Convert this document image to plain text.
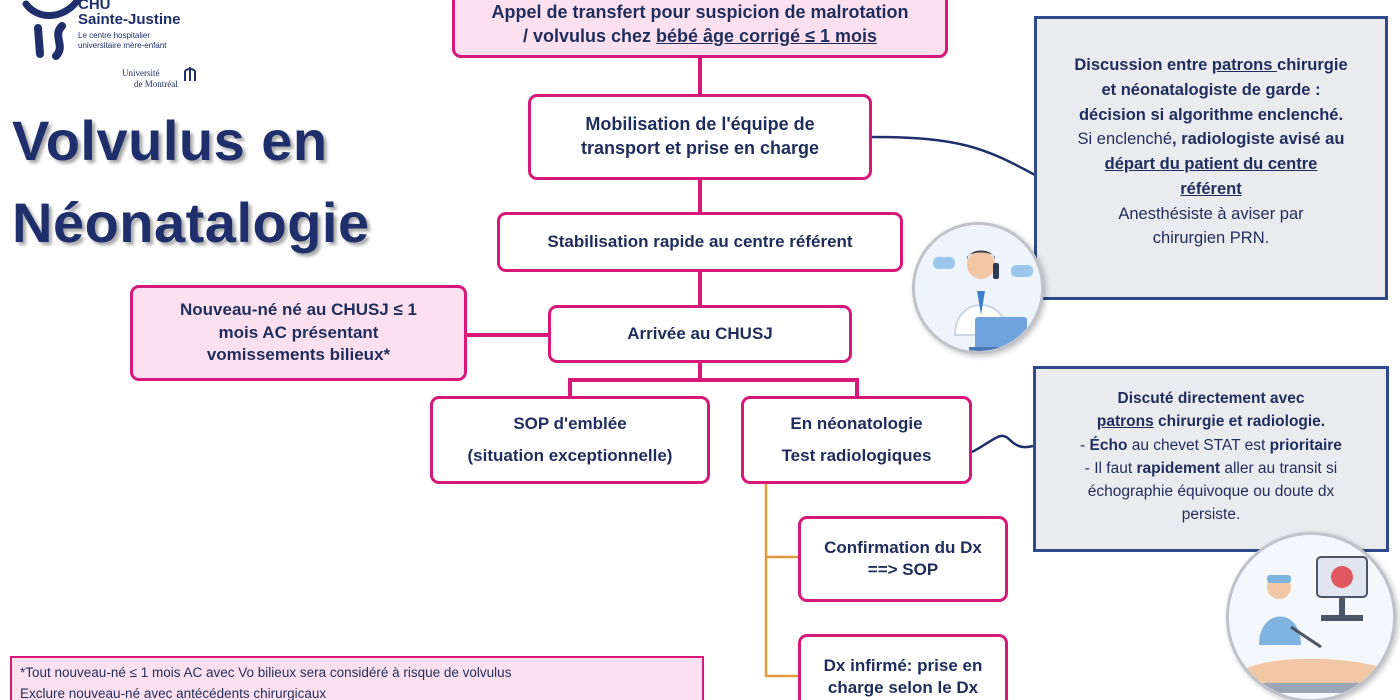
CHU
Sainte-Justine
Le centre hospitalier
universitaire mère-enfant
Université
de Montréal
Volvulus en
Néonatalogie
Appel de transfert pour suspicion de malrotation
/ volvulus chez bébé âge corrigé ≤ 1 mois
Mobilisation de l'équipe de
transport et prise en charge
Stabilisation rapide au centre référent
Nouveau-né né au CHUSJ ≤ 1
mois AC présentant
vomissements bilieux*
Arrivée au CHUSJ
SOP d'emblée
(situation exceptionnelle)
En néonatologie
Test radiologiques
Confirmation du Dx
==> SOP
Dx infirmé: prise en
charge selon le Dx
Discussion entre patrons chirurgie
et néonatalogiste de garde :
décision si algorithme enclenché.
Si enclenché, radiologiste avisé au
départ du patient du centre
référent
Anesthésiste à aviser par
chirurgien PRN.
Discuté directement avec
patrons chirurgie et radiologie.
- Écho au chevet STAT est prioritaire
- Il faut rapidement aller au transit si
échographie équivoque ou doute dx
persiste.
*Tout nouveau-né ≤ 1 mois AC avec Vo bilieux sera considéré à risque de volvulus
Exclure nouveau-né avec antécédents chirurgicaux
